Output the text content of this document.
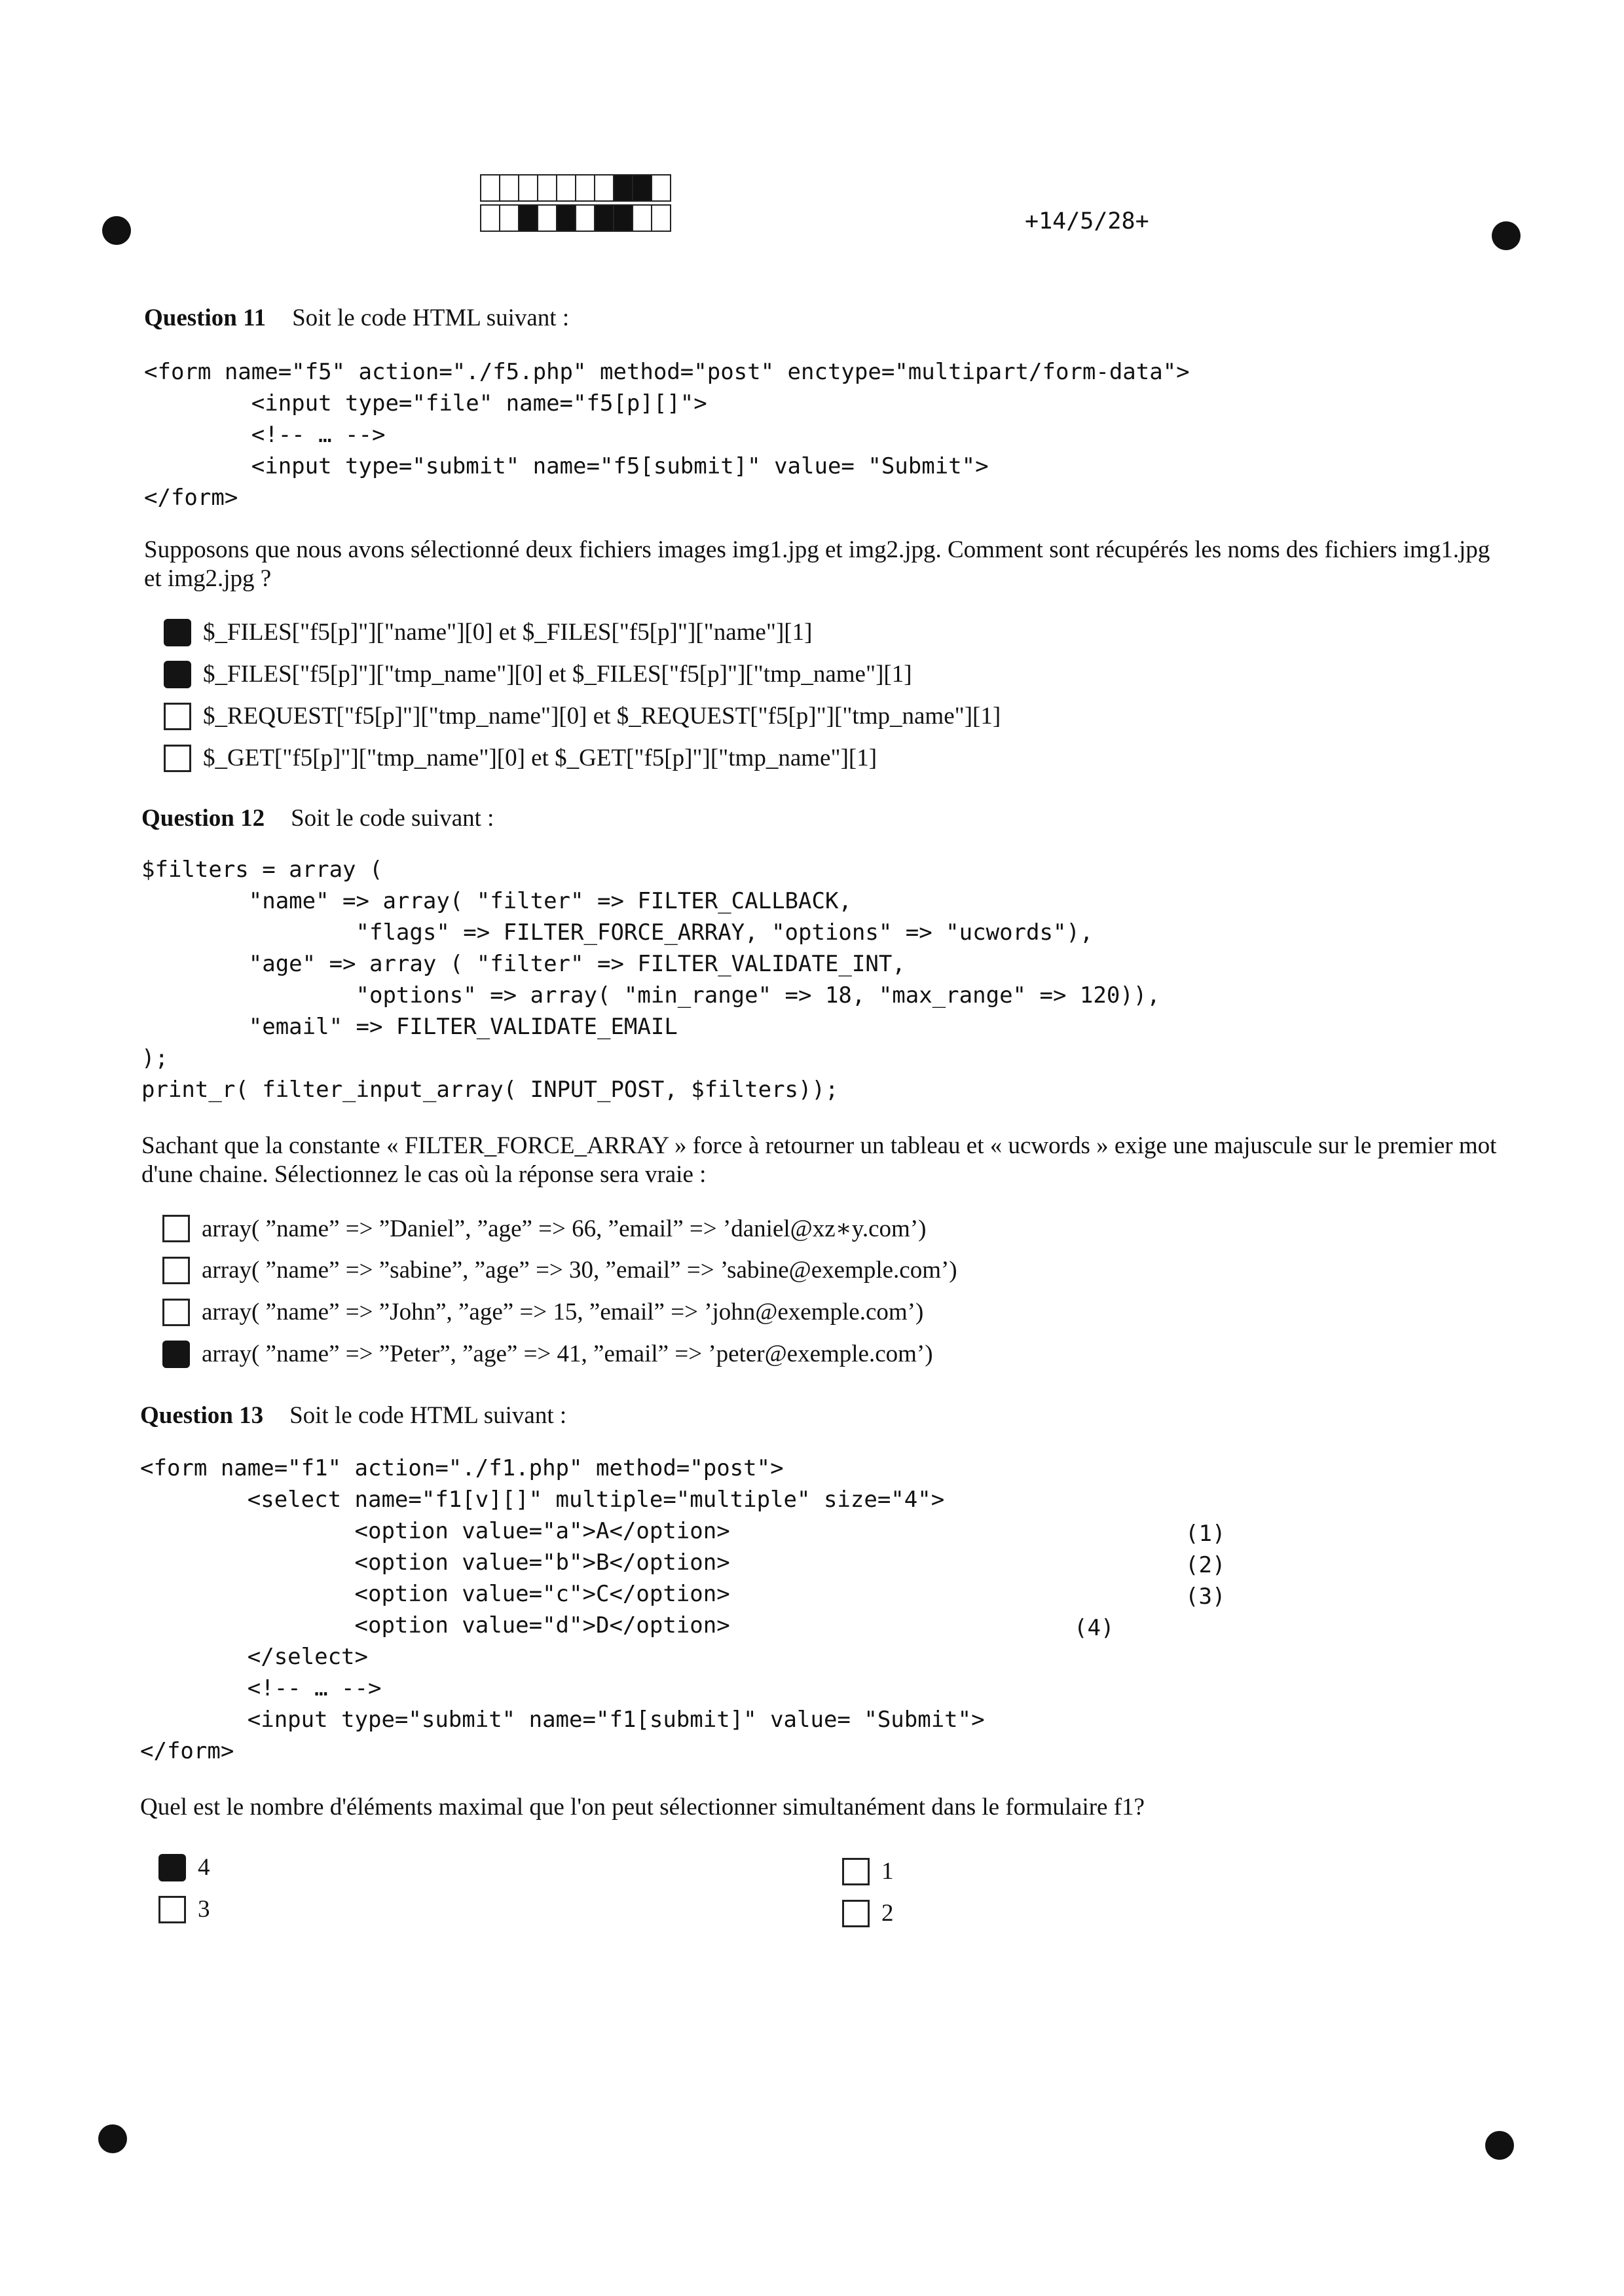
+14/5/28+
Question 11 Soit le code HTML suivant :
<form name="f5" action="./f5.php" method="post" enctype="multipart/form-data">
<input type="file" name="f5[p][]">
<!-- … -->
<input type="submit" name="f5[submit]" value= "Submit">
</form>
Supposons que nous avons sélectionné deux fichiers images img1.jpg et img2.jpg. Comment sont récupérés les noms des fichiers img1.jpg et img2.jpg ?
$_FILES["f5[p]"]["name"][0] et $_FILES["f5[p]"]["name"][1]
$_FILES["f5[p]"]["tmp_name"][0] et $_FILES["f5[p]"]["tmp_name"][1]
$_REQUEST["f5[p]"]["tmp_name"][0] et $_REQUEST["f5[p]"]["tmp_name"][1]
$_GET["f5[p]"]["tmp_name"][0] et $_GET["f5[p]"]["tmp_name"][1]
Question 12 Soit le code suivant :
$filters = array (
"name" => array( "filter" => FILTER_CALLBACK,
"flags" => FILTER_FORCE_ARRAY, "options" => "ucwords"),
"age" => array ( "filter" => FILTER_VALIDATE_INT,
"options" => array( "min_range" => 18, "max_range" => 120)),
"email" => FILTER_VALIDATE_EMAIL
);
print_r( filter_input_array( INPUT_POST, $filters));
Sachant que la constante « FILTER_FORCE_ARRAY » force à retourner un tableau et « ucwords » exige une majuscule sur le premier mot d'une chaine. Sélectionnez le cas où la réponse sera vraie :
array( ”name” => ”Daniel”, ”age” => 66, ”email” => ’daniel@xz∗y.com’)
array( ”name” => ”sabine”, ”age” => 30, ”email” => ’sabine@exemple.com’)
array( ”name” => ”John”, ”age” => 15, ”email” => ’john@exemple.com’)
array( ”name” => ”Peter”, ”age” => 41, ”email” => ’peter@exemple.com’)
Question 13 Soit le code HTML suivant :
<form name="f1" action="./f1.php" method="post">
<select name="f1[v][]" multiple="multiple" size="4">
<option value="a">A</option>
<option value="b">B</option>
<option value="c">C</option>
<option value="d">D</option>
</select>
<!-- … -->
<input type="submit" name="f1[submit]" value= "Submit">
</form>
(1)
(2)
(3)
(4)
Quel est le nombre d'éléments maximal que l'on peut sélectionner simultanément dans le formulaire f1?
4	1
3	2
